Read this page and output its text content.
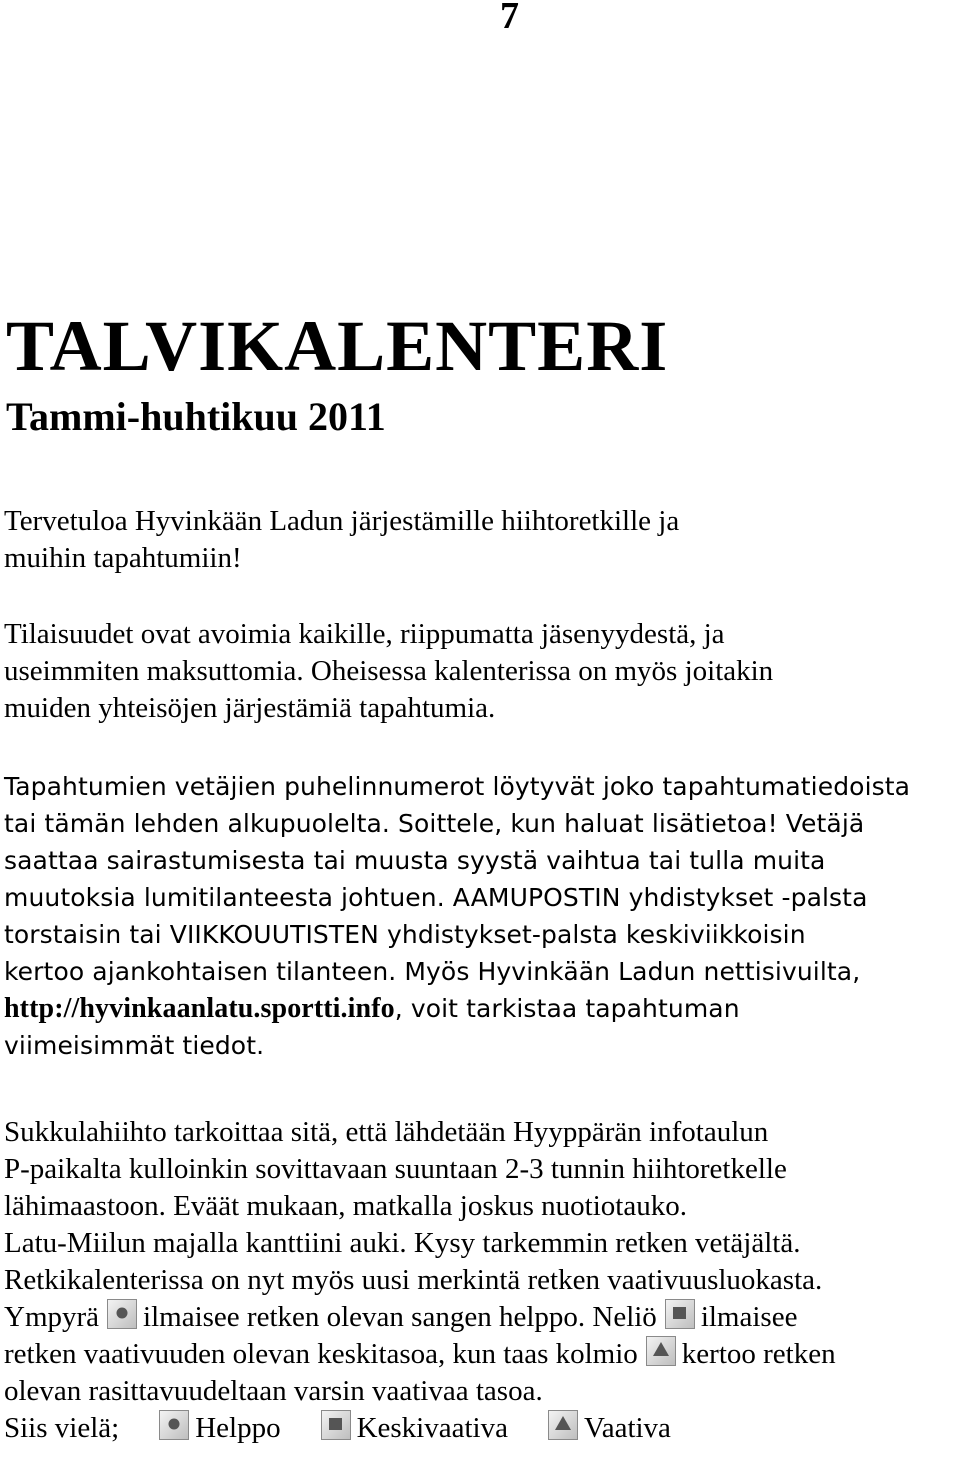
7
TALVIKALENTERI
Tammi-huhtikuu 2011

Tervetuloa Hyvinkään Ladun järjestämille hiihtoretkille ja
muihin tapahtumiin!

Tilaisuudet ovat avoimia kaikille, riippumatta jäsenyydestä, ja
useimmiten maksuttomia. Oheisessa kalenterissa on myös joitakin
muiden yhteisöjen järjestämiä tapahtumia.

Tapahtumien vetäjien puhelinnumerot löytyvät joko tapahtumatiedoista
tai tämän lehden alkupuolelta. Soittele, kun haluat lisätietoa! Vetäjä
saattaa sairastumisesta tai muusta syystä vaihtua tai tulla muita
muutoksia lumitilanteesta johtuen. AAMUPOSTIN yhdistykset -palsta
torstaisin tai VIIKKOUUTISTEN yhdistykset-palsta keskiviikkoisin
kertoo ajankohtaisen tilanteen. Myös Hyvinkään Ladun nettisivuilta,
http://hyvinkaanlatu.sportti.info, voit tarkistaa tapahtuman
viimeisimmät tiedot.

Sukkulahiihto tarkoittaa sitä, että lähdetään Hyyppärän infotaulun
P-paikalta kulloinkin sovittavaan suuntaan 2-3 tunnin hiihtoretkelle
lähimaastoon. Eväät mukaan, matkalla joskus nuotiotauko.
Latu-Miilun majalla kanttiini auki. Kysy tarkemmin retken vetäjältä.
Retkikalenterissa on nyt myös uusi merkintä retken vaativuusluokasta.
Ympyrä ilmaisee retken olevan sangen helppo. Neliö ilmaisee
retken vaativuuden olevan keskitasoa, kun taas kolmio kertoo retken
olevan rasittavuudeltaan varsin vaativaa tasoa.
Siis vielä;	Helppo	Keskivaativa	Vaativa
